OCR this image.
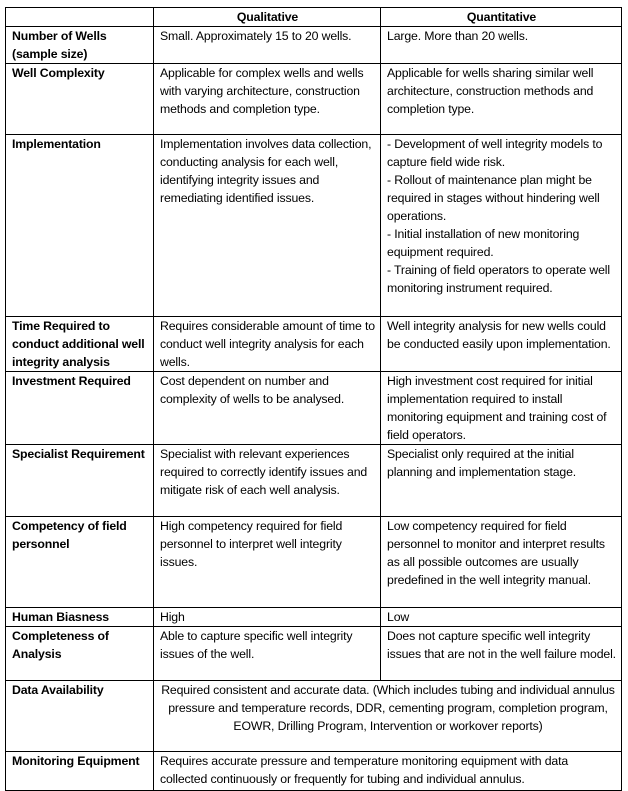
	Qualitative	Quantitative
Number of Wells (sample size)	Small. Approximately 15 to 20 wells.	Large. More than 20 wells.
Well Complexity	Applicable for complex wells and wells with varying architecture, construction methods and completion type.	Applicable for wells sharing similar well architecture, construction methods and completion type.
Implementation	Implementation involves data collection, conducting analysis for each well, identifying integrity issues and remediating identified issues.	- Development of well integrity models to capture field wide risk.
- Rollout of maintenance plan might be required in stages without hindering well operations.
- Initial installation of new monitoring equipment required.
- Training of field operators to operate well monitoring instrument required.

Time Required to conduct additional well integrity analysis	Requires considerable amount of time to conduct well integrity analysis for each wells.	Well integrity analysis for new wells could be conducted easily upon implementation.
Investment Required	Cost dependent on number and complexity of wells to be analysed.	High investment cost required for initial implementation required to install monitoring equipment and training cost of field operators.
Specialist Requirement	Specialist with relevant experiences required to correctly identify issues and mitigate risk of each well analysis.	Specialist only required at the initial planning and implementation stage.
Competency of field personnel	High competency required for field personnel to interpret well integrity issues.	Low competency required for field personnel to monitor and interpret results as all possible outcomes are usually predefined in the well integrity manual.
Human Biasness	High	Low
Completeness of Analysis	Able to capture specific well integrity issues of the well.	Does not capture specific well integrity issues that are not in the well failure model.
Data Availability	Required consistent and accurate data. (Which includes tubing and individual annulus pressure and temperature records, DDR, cementing program, completion program, EOWR, Drilling Program, Intervention or workover reports)	
Monitoring Equipment	Requires accurate pressure and temperature monitoring equipment with data collected continuously or frequently for tubing and individual annulus.	
